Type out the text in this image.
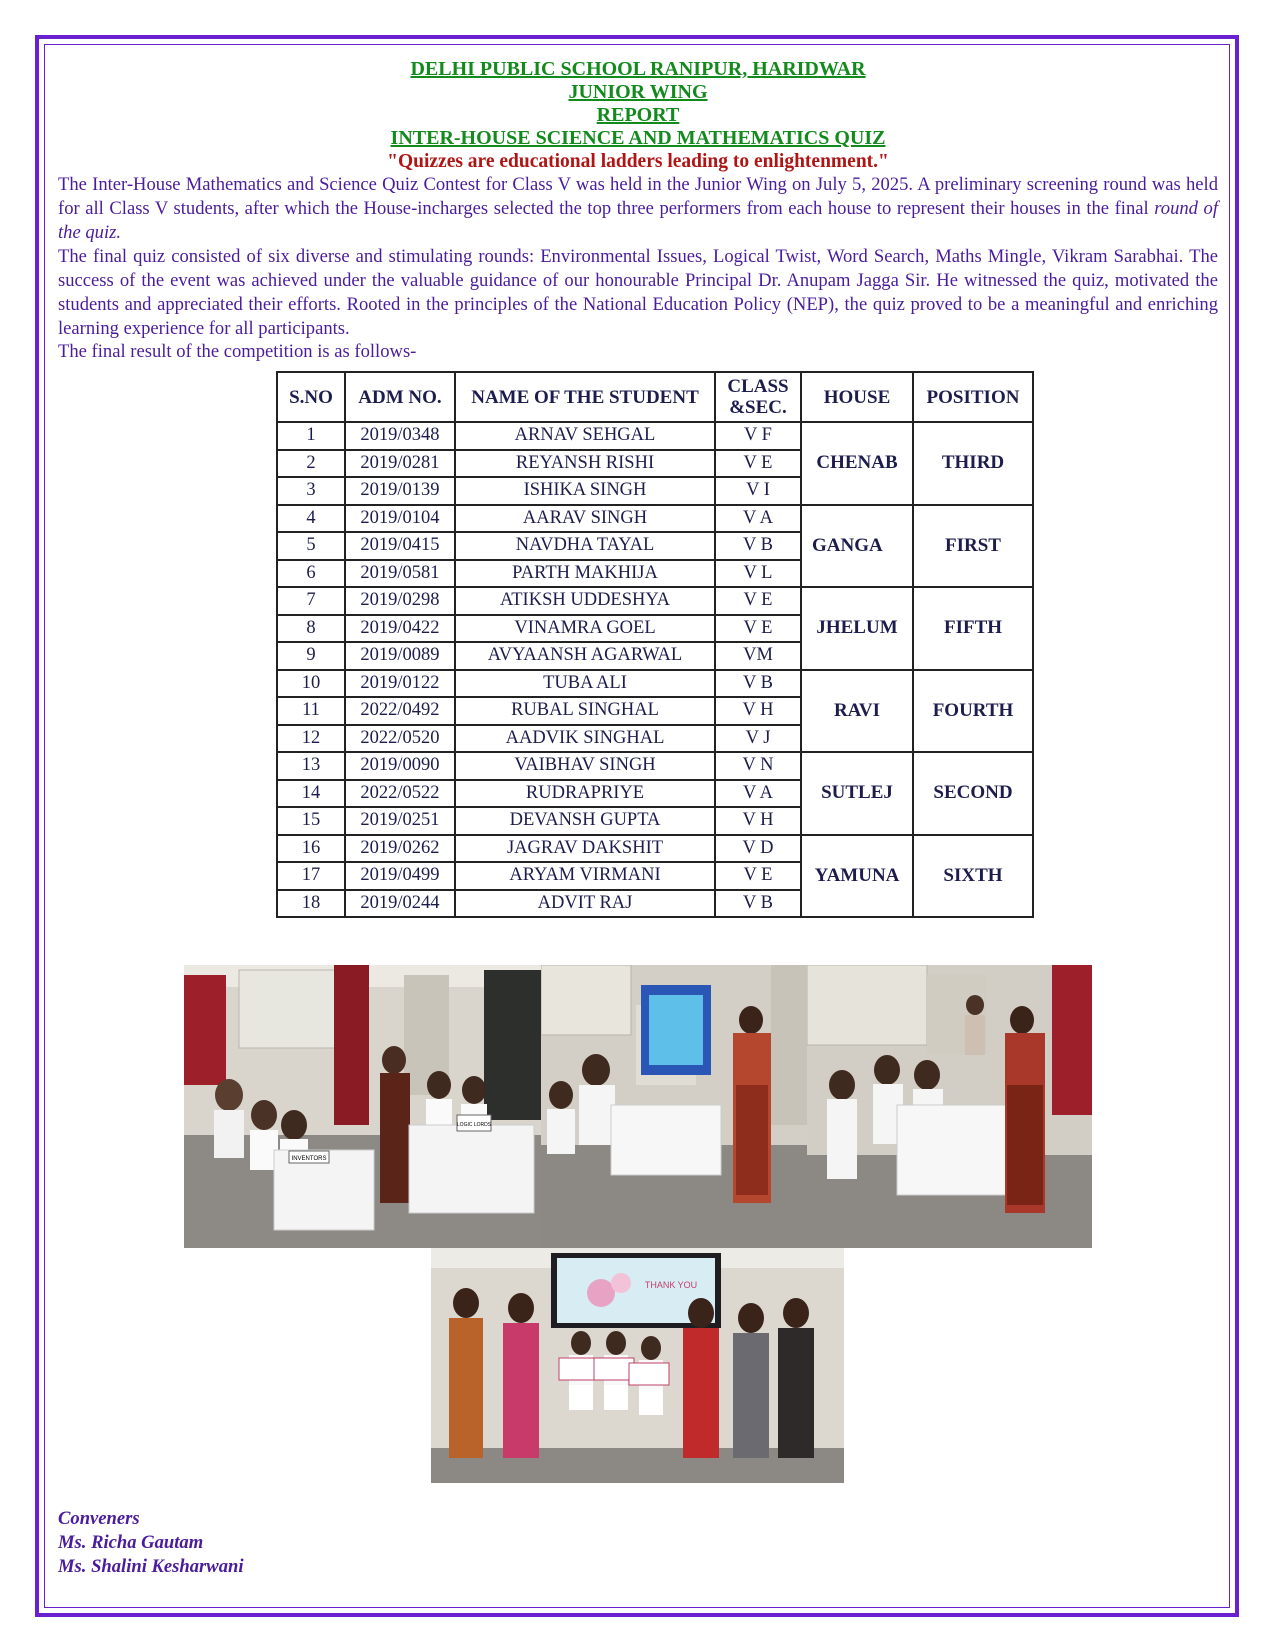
DELHI PUBLIC SCHOOL RANIPUR, HARIDWAR

JUNIOR WING

REPORT

INTER-HOUSE SCIENCE AND MATHEMATICS QUIZ

"Quizzes are educational ladders leading to enlightenment."

The Inter-House Mathematics and Science Quiz Contest for Class V was held in the Junior Wing on July 5, 2025. A preliminary screening round was held for all Class V students, after which the House-incharges selected the top three performers from each house to represent their houses in the final round of the quiz.

The final quiz consisted of six diverse and stimulating rounds: Environmental Issues, Logical Twist, Word Search, Maths Mingle, Vikram Sarabhai. The success of the event was achieved under the valuable guidance of our honourable Principal Dr. Anupam Jagga Sir. He witnessed the quiz, motivated the students and appreciated their efforts. Rooted in the principles of the National Education Policy (NEP), the quiz proved to be a meaningful and enriching learning experience for all participants.

The final result of the competition is as follows-

S.NO	ADM NO.	NAME OF THE STUDENT	CLASS
&SEC.	HOUSE	POSITION
1	2019/0348	ARNAV SEHGAL	V F	CHENAB	THIRD
2	2019/0281	REYANSH RISHI	V E		
3	2019/0139	ISHIKA SINGH	V I		
4	2019/0104	AARAV SINGH	V A	GANGA	FIRST
5	2019/0415	NAVDHA TAYAL	V B		
6	2019/0581	PARTH MAKHIJA	V L		
7	2019/0298	ATIKSH UDDESHYA	V E	JHELUM	FIFTH
8	2019/0422	VINAMRA GOEL	V E		
9	2019/0089	AVYAANSH AGARWAL	VM		
10	2019/0122	TUBA ALI	V B	RAVI	FOURTH
11	2022/0492	RUBAL SINGHAL	V H		
12	2022/0520	AADVIK SINGHAL	V J		
13	2019/0090	VAIBHAV SINGH	V N	SUTLEJ	SECOND
14	2022/0522	RUDRAPRIYE	V A		
15	2019/0251	DEVANSH GUPTA	V H		
16	2019/0262	JAGRAV DAKSHIT	V D	YAMUNA	SIXTH
17	2019/0499	ARYAM VIRMANI	V E		
18	2019/0244	ADVIT RAJ	V B		
INVENTORS
LOGIC LORDS
THANK YOU
Conveners
Ms. Richa Gautam
Ms. Shalini Kesharwani
